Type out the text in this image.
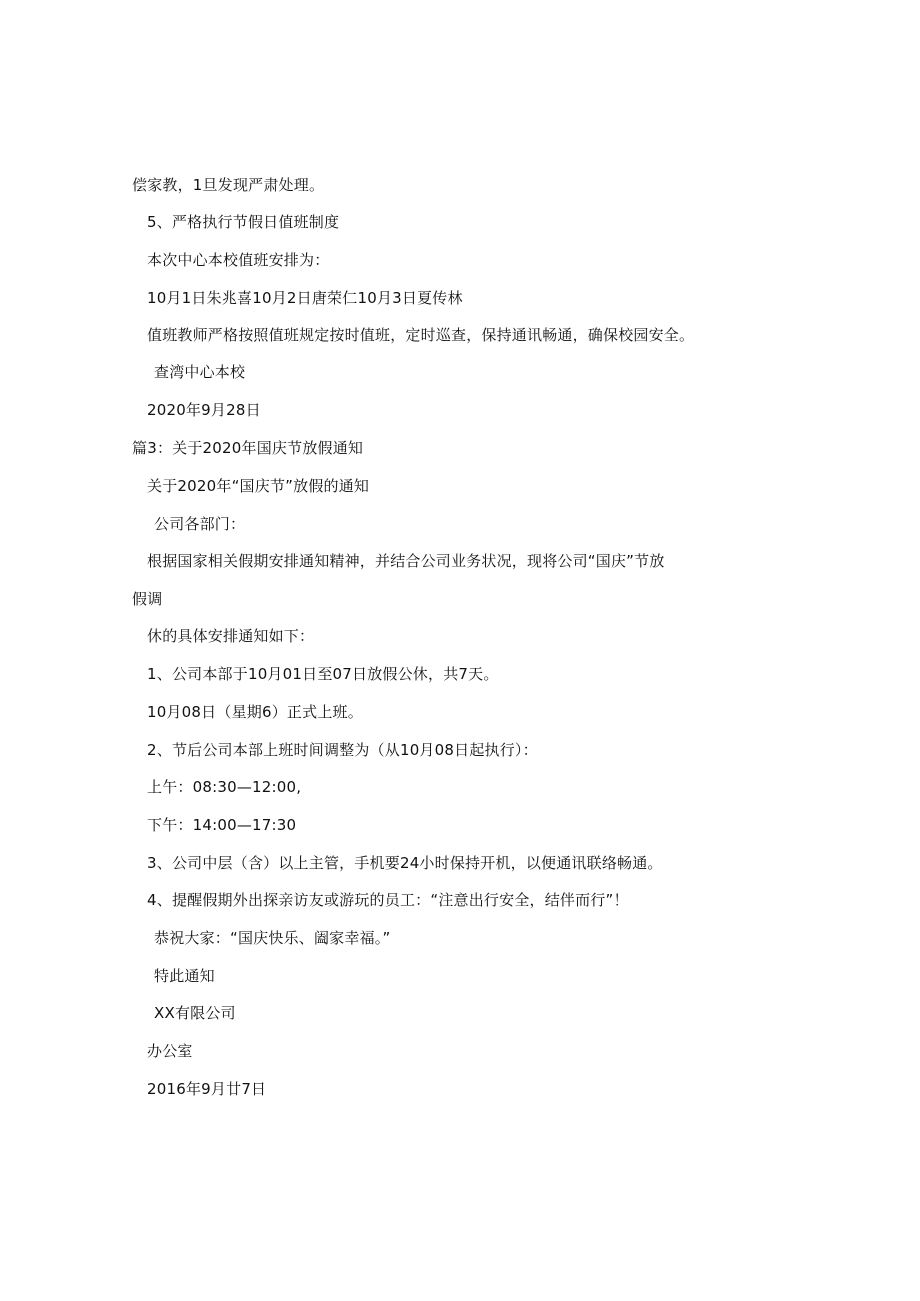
偿家教，1旦发现严肃处理。
5、严格执行节假日值班制度
本次中心本校值班安排为：
10月1日朱兆喜10月2日唐荣仁10月3日夏传林
值班教师严格按照值班规定按时值班，定时巡查，保持通讯畅通，确保校园安全。
查湾中心本校
2020年9月28日
篇3：关于2020年国庆节放假通知
关于2020年“国庆节”放假的通知
公司各部门：
根据国家相关假期安排通知精神，并结合公司业务状况，现将公司“国庆”节放
假调
休的具体安排通知如下：
1、公司本部于10月01日至07日放假公休，共7天。
10月08日（星期6）正式上班。
2、节后公司本部上班时间调整为（从10月08日起执行）：
上午：08:30—12:00,
下午：14:00—17:30
3、公司中层（含）以上主管，手机要24小时保持开机，以便通讯联络畅通。
4、提醒假期外出探亲访友或游玩的员工：“注意出行安全，结伴而行”！
恭祝大家：“国庆快乐、阖家幸福。”
特此通知
XX有限公司
办公室
2016年9月廿7日
